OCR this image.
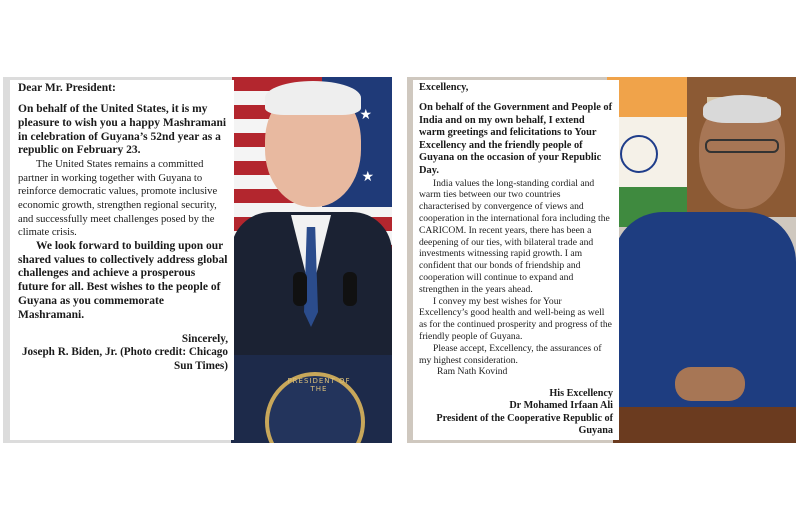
★
★
PRESIDENT OF THE

Dear Mr. President:

On behalf of the United States, it is my pleasure to wish you a happy Mashramani in celebration of Guyana’s 52nd year as a republic on February 23.

The United States remains a committed partner in working together with Guyana to reinforce democratic values, promote inclusive economic growth, strengthen regional security, and successfully meet challenges posed by the climate crisis.

We look forward to building upon our shared values to collectively address global challenges and achieve a prosperous future for all. Best wishes to the people of Guyana as you commemorate Mashramani.

Sincerely,

Joseph R. Biden, Jr. (Photo credit: Chicago Sun Times)

Excellency,

On behalf of the Government and People of India and on my own behalf, I extend warm greetings and felicitations to Your Excellency and the friendly people of Guyana on the occasion of your Republic Day.

India values the long-standing cordial and warm ties between our two countries characterised by convergence of views and cooperation in the international fora including the CARICOM. In recent years, there has been a deepening of our ties, with bilateral trade and investments witnessing rapid growth. I am confident that our bonds of friendship and cooperation will continue to expand and strengthen in the years ahead.

I convey my best wishes for Your Excellency’s good health and well-being as well as for the continued prosperity and progress of the friendly people of Guyana.

Please accept, Excellency, the assurances of my highest consideration.

Ram Nath Kovind

His Excellency

Dr Mohamed Irfaan Ali

President of the Cooperative Republic of Guyana
